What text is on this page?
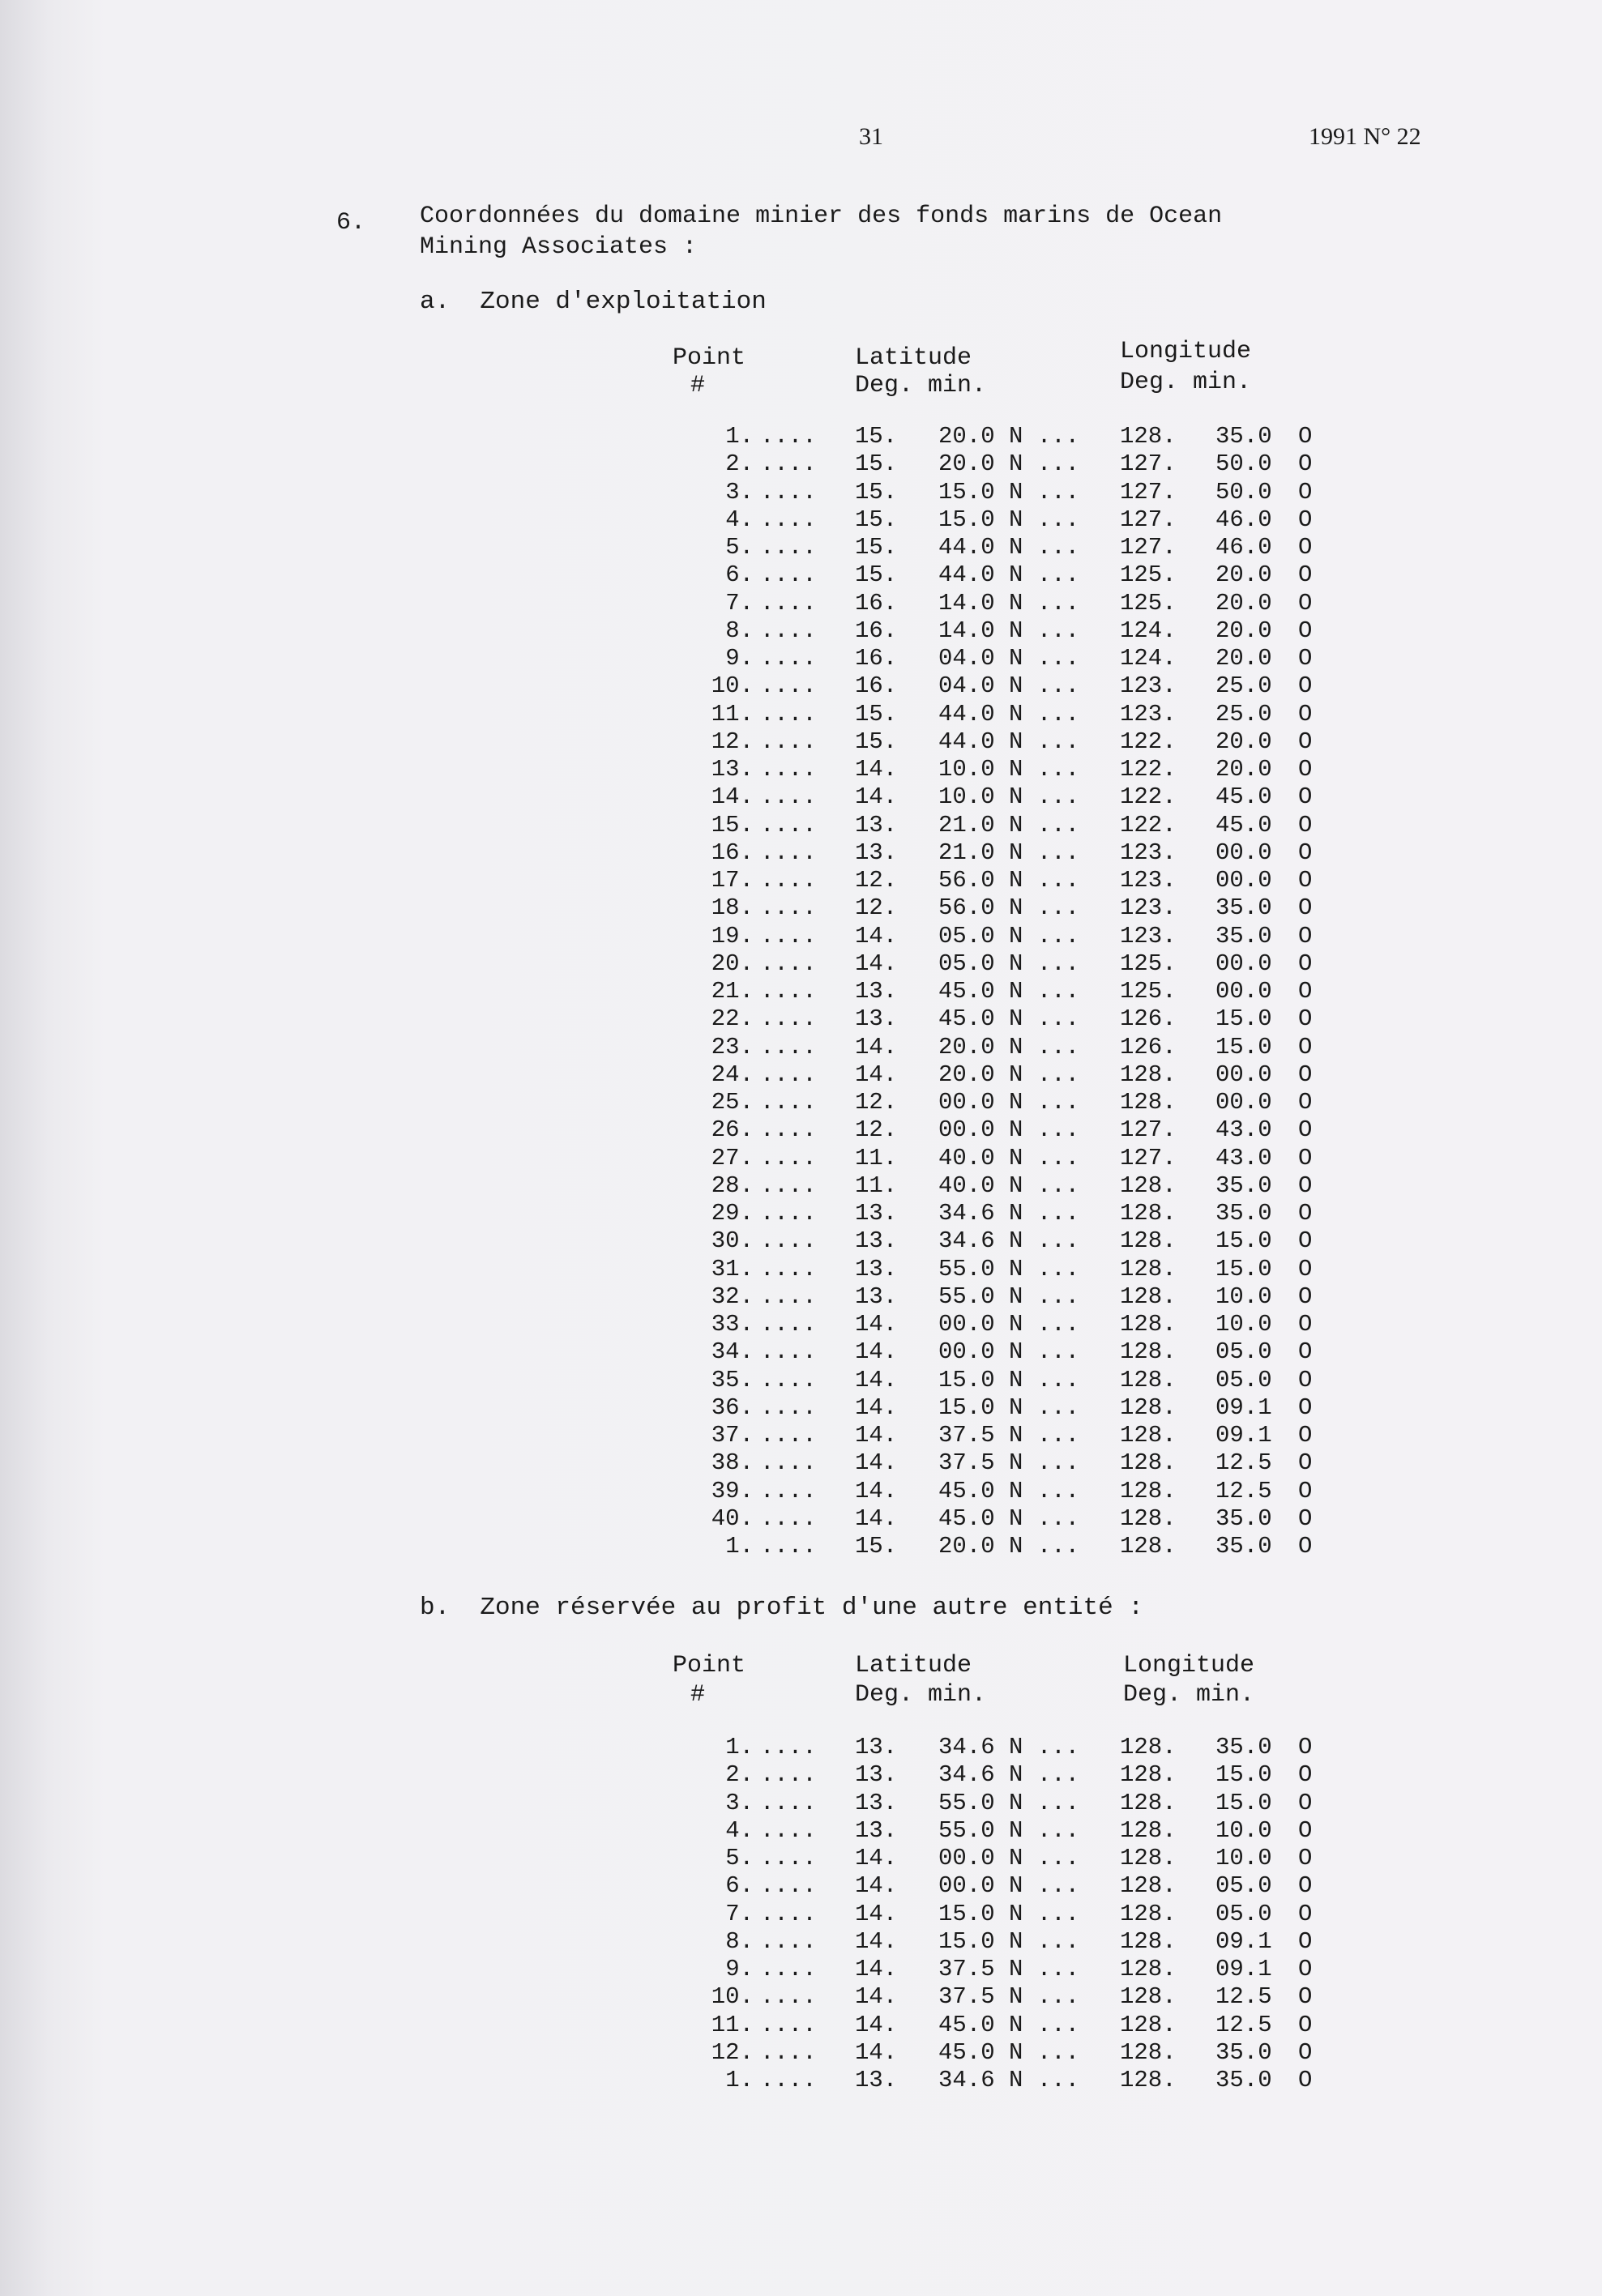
31	1991 N° 22
6. Coordonnées du domaine minier des fonds marins de Ocean
Mining Associates :
a.  Zone d'exploitation
Point
#
Latitude
Deg. min.
Longitude
Deg. min.
1. .... 15. 20.0 N ... 128. 35.0 O
2. .... 15. 20.0 N ... 127. 50.0 O
3. .... 15. 15.0 N ... 127. 50.0 O
4. .... 15. 15.0 N ... 127. 46.0 O
5. .... 15. 44.0 N ... 127. 46.0 O
6. .... 15. 44.0 N ... 125. 20.0 O
7. .... 16. 14.0 N ... 125. 20.0 O
8. .... 16. 14.0 N ... 124. 20.0 O
9. .... 16. 04.0 N ... 124. 20.0 O
10. .... 16. 04.0 N ... 123. 25.0 O
11. .... 15. 44.0 N ... 123. 25.0 O
12. .... 15. 44.0 N ... 122. 20.0 O
13. .... 14. 10.0 N ... 122. 20.0 O
14. .... 14. 10.0 N ... 122. 45.0 O
15. .... 13. 21.0 N ... 122. 45.0 O
16. .... 13. 21.0 N ... 123. 00.0 O
17. .... 12. 56.0 N ... 123. 00.0 O
18. .... 12. 56.0 N ... 123. 35.0 O
19. .... 14. 05.0 N ... 123. 35.0 O
20. .... 14. 05.0 N ... 125. 00.0 O
21. .... 13. 45.0 N ... 125. 00.0 O
22. .... 13. 45.0 N ... 126. 15.0 O
23. .... 14. 20.0 N ... 126. 15.0 O
24. .... 14. 20.0 N ... 128. 00.0 O
25. .... 12. 00.0 N ... 128. 00.0 O
26. .... 12. 00.0 N ... 127. 43.0 O
27. .... 11. 40.0 N ... 127. 43.0 O
28. .... 11. 40.0 N ... 128. 35.0 O
29. .... 13. 34.6 N ... 128. 35.0 O
30. .... 13. 34.6 N ... 128. 15.0 O
31. .... 13. 55.0 N ... 128. 15.0 O
32. .... 13. 55.0 N ... 128. 10.0 O
33. .... 14. 00.0 N ... 128. 10.0 O
34. .... 14. 00.0 N ... 128. 05.0 O
35. .... 14. 15.0 N ... 128. 05.0 O
36. .... 14. 15.0 N ... 128. 09.1 O
37. .... 14. 37.5 N ... 128. 09.1 O
38. .... 14. 37.5 N ... 128. 12.5 O
39. .... 14. 45.0 N ... 128. 12.5 O
40. .... 14. 45.0 N ... 128. 35.0 O
1. .... 15. 20.0 N ... 128. 35.0 O
b.  Zone réservée au profit d'une autre entité :
Point
#
Latitude
Deg. min.
Longitude
Deg. min.
1. .... 13. 34.6 N ... 128. 35.0 O
2. .... 13. 34.6 N ... 128. 15.0 O
3. .... 13. 55.0 N ... 128. 15.0 O
4. .... 13. 55.0 N ... 128. 10.0 O
5. .... 14. 00.0 N ... 128. 10.0 O
6. .... 14. 00.0 N ... 128. 05.0 O
7. .... 14. 15.0 N ... 128. 05.0 O
8. .... 14. 15.0 N ... 128. 09.1 O
9. .... 14. 37.5 N ... 128. 09.1 O
10. .... 14. 37.5 N ... 128. 12.5 O
11. .... 14. 45.0 N ... 128. 12.5 O
12. .... 14. 45.0 N ... 128. 35.0 O
1. .... 13. 34.6 N ... 128. 35.0 O
